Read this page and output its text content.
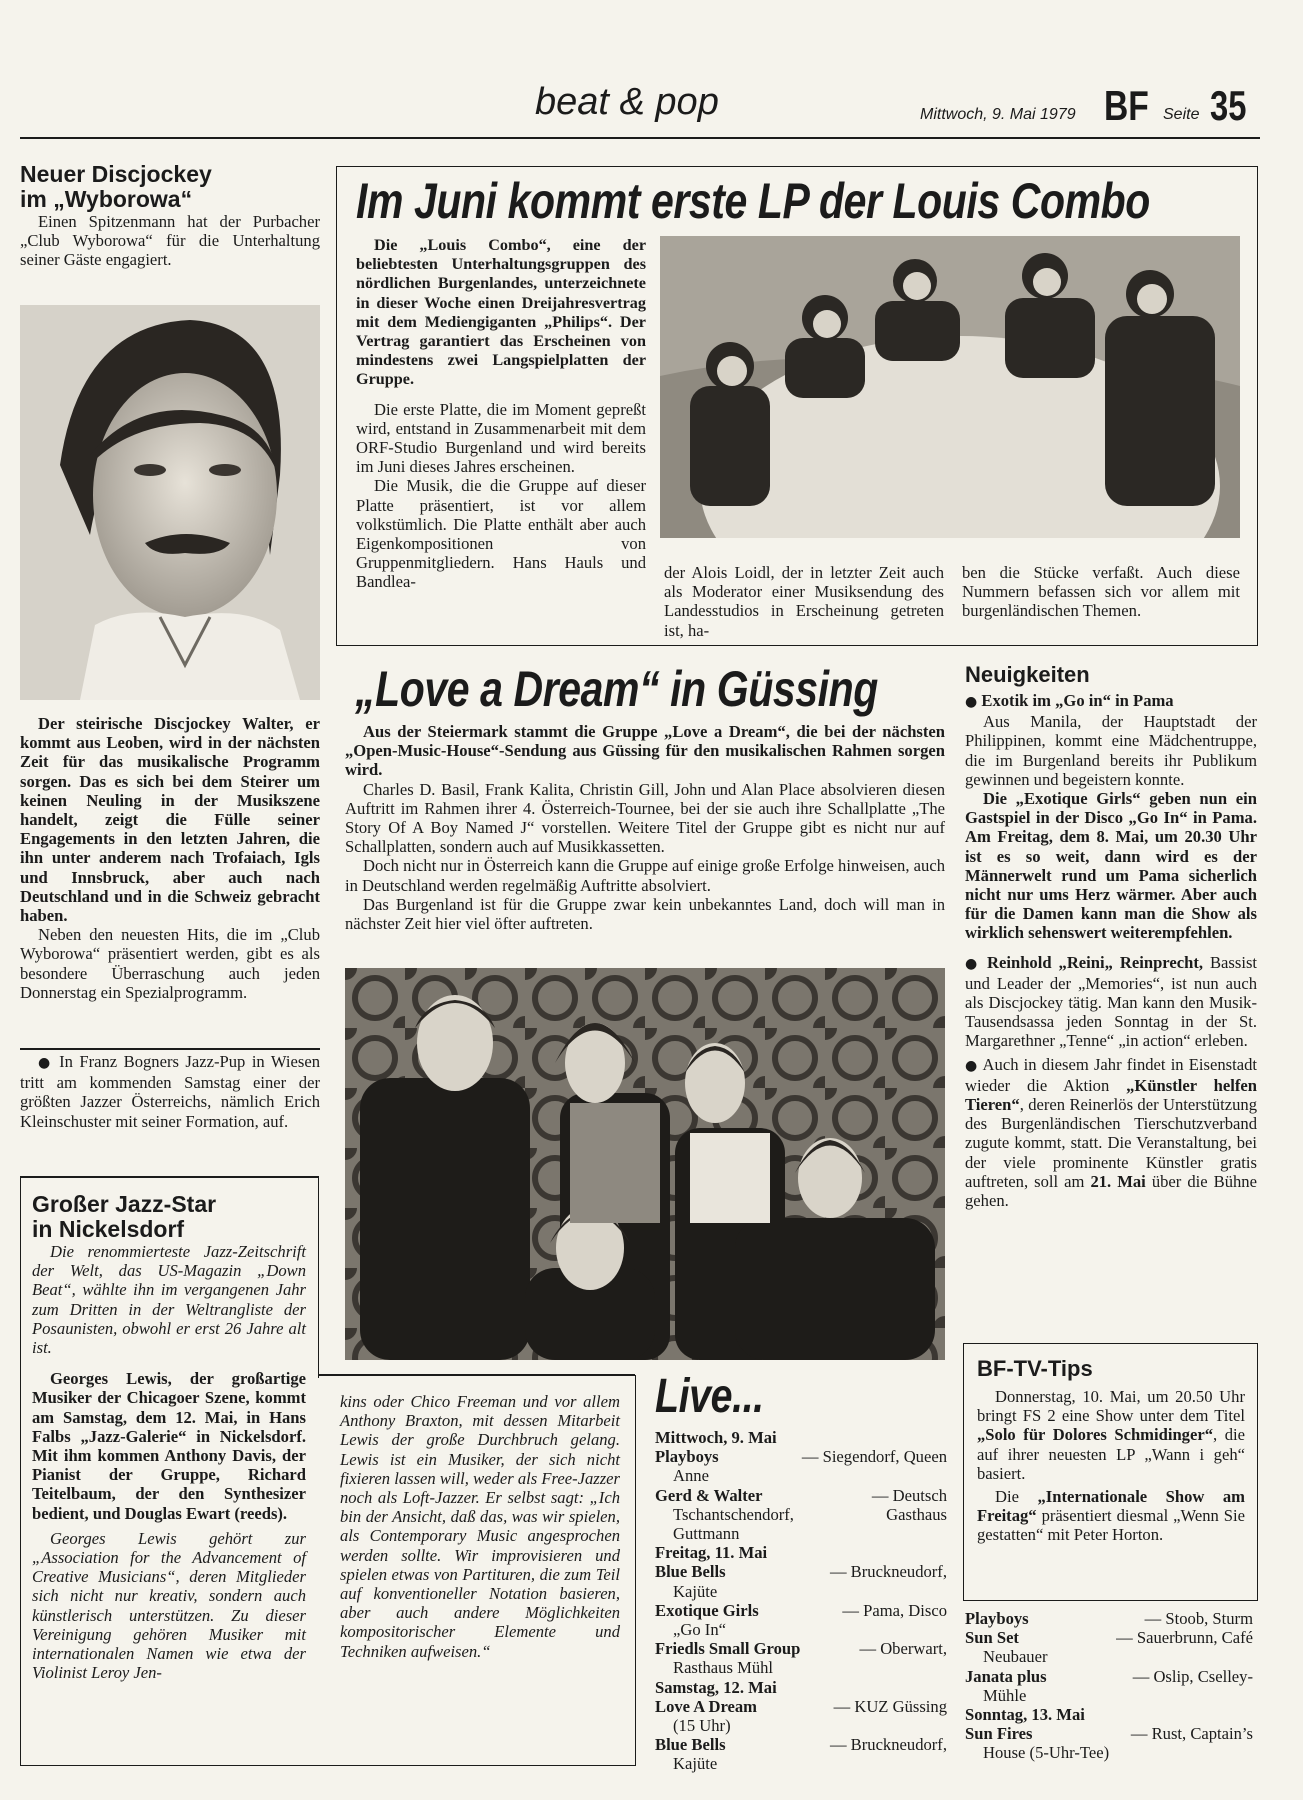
beat & pop	Mittwoch, 9. Mai 1979 BF Seite 35

Neuer Discjockey

im „Wyborowa“

Einen Spitzenmann hat der Purbacher „Club Wyborowa“ für die Unterhaltung seiner Gäste engagiert.

Der steirische Discjockey Walter, er kommt aus Leoben, wird in der nächsten Zeit für das musikalische Programm sorgen. Das es sich bei dem Steirer um keinen Neuling in der Musikszene handelt, zeigt die Fülle seiner Engagements in den letzten Jahren, die ihn unter anderem nach Trofaiach, Igls und Innsbruck, aber auch nach Deutschland und in die Schweiz gebracht haben.

Neben den neuesten Hits, die im „Club Wyborowa“ präsentiert werden, gibt es als besondere Überraschung auch jeden Donnerstag ein Spezialprogramm.

● In Franz Bogners Jazz-Pup in Wiesen tritt am kommenden Samstag einer der größten Jazzer Österreichs, nämlich Erich Kleinschuster mit seiner Formation, auf.

Im Juni kommt erste LP der Louis Combo

Die „Louis Combo“, eine der beliebtesten Unterhaltungsgruppen des nördlichen Burgenlandes, unterzeichnete in dieser Woche einen Dreijahresvertrag mit dem Mediengiganten „Philips“. Der Vertrag garantiert das Erscheinen von mindestens zwei Langspielplatten der Gruppe.

Die erste Platte, die im Moment gepreßt wird, entstand in Zusammenarbeit mit dem ORF-Studio Burgenland und wird bereits im Juni dieses Jahres erscheinen.

Die Musik, die die Gruppe auf dieser Platte präsentiert, ist vor allem volkstümlich. Die Platte enthält aber auch Eigenkompositionen von Gruppenmitgliedern. Hans Hauls und Bandlea-	der Alois Loidl, der in letzter Zeit auch als Moderator einer Musiksendung des Landesstudios in Erscheinung getreten ist, ha-

ben die Stücke verfaßt. Auch diese Nummern befassen sich vor allem mit burgenländischen Themen.

„Love a Dream“ in Güssing

Aus der Steiermark stammt die Gruppe „Love a Dream“, die bei der nächsten „Open-Music-House“-Sendung aus Güssing für den musikalischen Rahmen sorgen wird.

Charles D. Basil, Frank Kalita, Christin Gill, John und Alan Place absolvieren diesen Auftritt im Rahmen ihrer 4. Österreich-Tournee, bei der sie auch ihre Schallplatte „The Story Of A Boy Named J“ vorstellen. Weitere Titel der Gruppe gibt es nicht nur auf Schallplatten, sondern auch auf Musikkassetten.

Doch nicht nur in Österreich kann die Gruppe auf einige große Erfolge hinweisen, auch in Deutschland werden regelmäßig Auftritte absolviert.

Das Burgenland ist für die Gruppe zwar kein unbekanntes Land, doch will man in nächster Zeit hier viel öfter auftreten.

Neuigkeiten

● Exotik im „Go in“ in Pama

Aus Manila, der Hauptstadt der Philippinen, kommt eine Mädchentruppe, die im Burgenland bereits ihr Publikum gewinnen und begeistern konnte.

Die „Exotique Girls“ geben nun ein Gastspiel in der Disco „Go In“ in Pama. Am Freitag, dem 8. Mai, um 20.30 Uhr ist es so weit, dann wird es der Männerwelt rund um Pama sicherlich nicht nur ums Herz wärmer. Aber auch für die Damen kann man die Show als wirklich sehenswert weiterempfehlen.

● Reinhold „Reini„ Reinprecht, Bassist und Leader der „Memories“, ist nun auch als Discjockey tätig. Man kann den Musik-Tausendsassa jeden Sonntag in der St. Margarethner „Tenne“ „in action“ erleben.

● Auch in diesem Jahr findet in Eisenstadt wieder die Aktion „Künstler helfen Tieren“, deren Reinerlös der Unterstützung des Burgenländischen Tierschutzverband zugute kommt, statt. Die Veranstaltung, bei der viele prominente Künstler gratis auftreten, soll am 21. Mai über die Bühne gehen.

Großer Jazz-Star

in Nickelsdorf

Die renommierteste Jazz-Zeitschrift der Welt, das US-Magazin „Down Beat“, wählte ihn im vergangenen Jahr zum Dritten in der Weltrangliste der Posaunisten, obwohl er erst 26 Jahre alt ist.

Georges Lewis, der großartige Musiker der Chicagoer Szene, kommt am Samstag, dem 12. Mai, in Hans Falbs „Jazz-Galerie“ in Nickelsdorf. Mit ihm kommen Anthony Davis, der Pianist der Gruppe, Richard Teitelbaum, der den Synthesizer bedient, und Douglas Ewart (reeds).

Georges Lewis gehört zur „Association for the Advancement of Creative Musicians“, deren Mitglieder sich nicht nur kreativ, sondern auch künstlerisch unterstützen. Zu dieser Vereinigung gehören Musiker mit internationalen Namen wie etwa der Violinist Leroy Jen-

kins oder Chico Freeman und vor allem Anthony Braxton, mit dessen Mitarbeit Lewis der große Durchbruch gelang. Lewis ist ein Musiker, der sich nicht fixieren lassen will, weder als Free-Jazzer noch als Loft-Jazzer. Er selbst sagt: „Ich bin der Ansicht, daß das, was wir spielen, als Contemporary Music angesprochen werden sollte. Wir improvisieren und spielen etwas von Partituren, die zum Teil auf konventioneller Notation basieren, aber auch andere Möglichkeiten kompositorischer Elemente und Techniken aufweisen.“

Live...
Mittwoch, 9. Mai
Playboys	— Siegendorf, Queen
Anne
Gerd & Walter	— Deutsch
Tschantschendorf,	Gasthaus
Guttmann
Freitag, 11. Mai
Blue Bells	— Bruckneudorf,
Kajüte
Exotique Girls	— Pama, Disco
„Go In“
Friedls Small Group	— Oberwart,
Rasthaus Mühl
Samstag, 12. Mai
Love A Dream	— KUZ Güssing
(15 Uhr)
Blue Bells	— Bruckneudorf,
Kajüte

BF-TV-Tips

Donnerstag, 10. Mai, um 20.50 Uhr bringt FS 2 eine Show unter dem Titel „Solo für Dolores Schmidinger“, die auf ihrer neuesten LP „Wann i geh“ basiert.

Die „Internationale Show am Freitag“ präsentiert diesmal „Wenn Sie gestatten“ mit Peter Horton.

Playboys	— Stoob, Sturm
Sun Set	— Sauerbrunn, Café
Neubauer
Janata plus	— Oslip, Cselley-
Mühle
Sonntag, 13. Mai
Sun Fires	— Rust, Captain’s
House (5-Uhr-Tee)
